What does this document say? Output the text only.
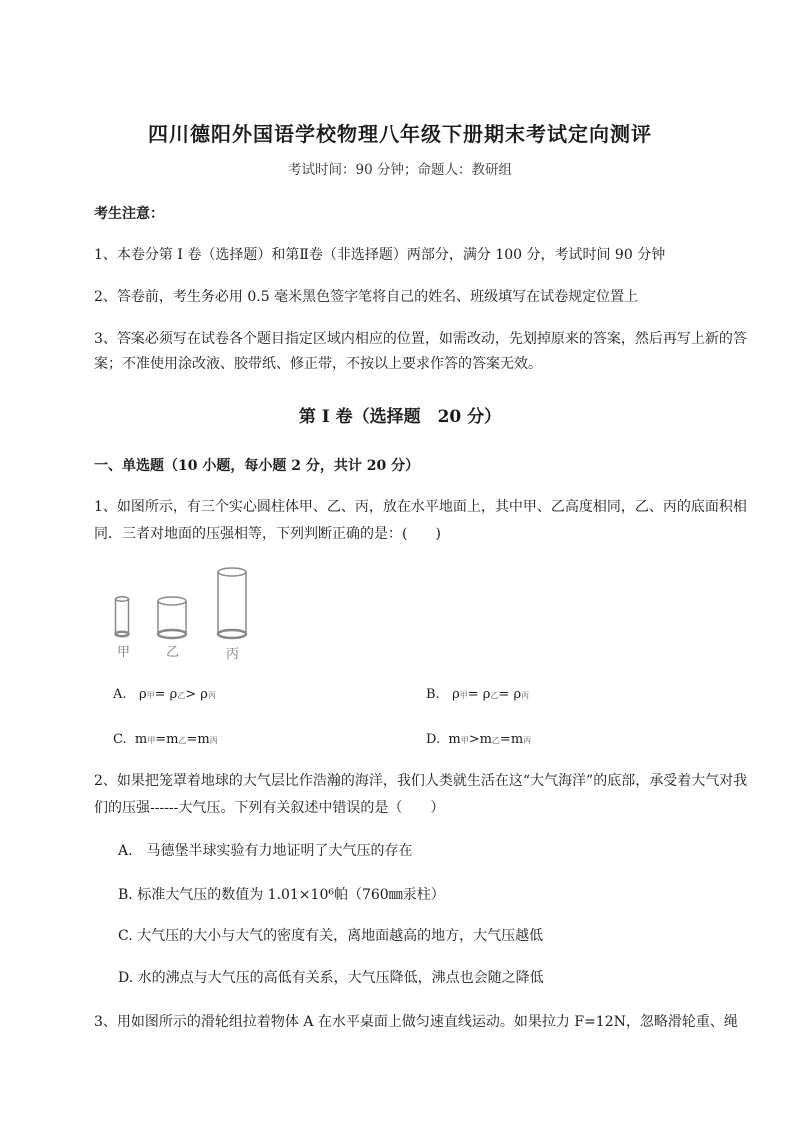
四川德阳外国语学校物理八年级下册期末考试定向测评
考试时间：90 分钟；命题人：教研组
考生注意：
1、本卷分第 I 卷（选择题）和第Ⅱ卷（非选择题）两部分，满分 100 分，考试时间 90 分钟
2、答卷前，考生务必用 0.5 毫米黑色签字笔将自己的姓名、班级填写在试卷规定位置上
3、答案必须写在试卷各个题目指定区域内相应的位置，如需改动，先划掉原来的答案，然后再写上新的答案；不准使用涂改液、胶带纸、修正带，不按以上要求作答的答案无效。
第 I 卷（选择题　20 分）
一、单选题（10 小题，每小题 2 分，共计 20 分）
1、如图所示，有三个实心圆柱体甲、乙、丙，放在水平地面上，其中甲、乙高度相同，乙、丙的底面积相同．三者对地面的压强相等，下列判断正确的是：(　　)
甲	乙	丙
A. ρ甲= ρ乙> ρ丙	B. ρ甲= ρ乙= ρ丙
C. m甲=m乙=m丙	D. m甲>m乙=m丙
2、如果把笼罩着地球的大气层比作浩瀚的海洋，我们人类就生活在这“大气海洋”的底部，承受着大气对我们的压强------大气压。下列有关叙述中错误的是（　　）
A.　马德堡半球实验有力地证明了大气压的存在
B. 标准大气压的数值为 1.01×10⁶帕（760㎜汞柱）
C. 大气压的大小与大气的密度有关，离地面越高的地方，大气压越低
D. 水的沸点与大气压的高低有关系，大气压降低，沸点也会随之降低
3、用如图所示的滑轮组拉着物体 A 在水平桌面上做匀速直线运动。如果拉力 F=12N，忽略滑轮重、绳
